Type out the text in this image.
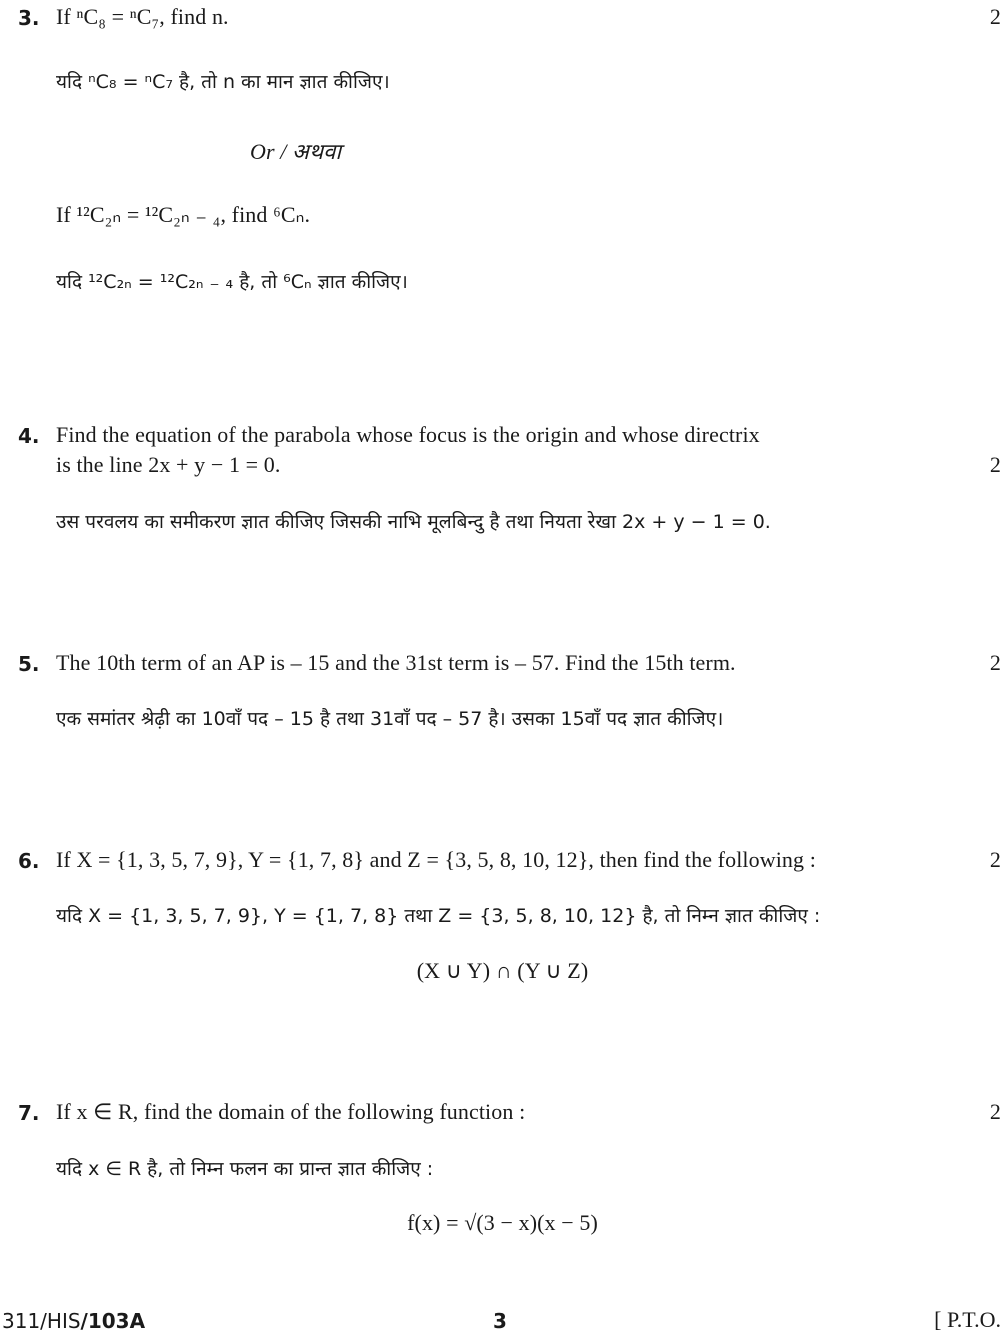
3. If ⁿC₈ = ⁿC₇, find n.	2
यदि ⁿC₈ = ⁿC₇ है, तो n का मान ज्ञात कीजिए।
Or / अथवा
If ¹²C₂ₙ = ¹²C₂ₙ ₋ ₄, find ⁶Cₙ.
यदि ¹²C₂ₙ = ¹²C₂ₙ ₋ ₄ है, तो ⁶Cₙ ज्ञात कीजिए।
4. Find the equation of the parabola whose focus is the origin and whose directrix
is the line 2x + y − 1 = 0.	2
उस परवलय का समीकरण ज्ञात कीजिए जिसकी नाभि मूलबिन्दु है तथा नियता रेखा 2x + y − 1 = 0.
5. The 10th term of an AP is – 15 and the 31st term is – 57. Find the 15th term.	2
एक समांतर श्रेढ़ी का 10वाँ पद – 15 है तथा 31वाँ पद – 57 है। उसका 15वाँ पद ज्ञात कीजिए।
6. If X = {1, 3, 5, 7, 9}, Y = {1, 7, 8} and Z = {3, 5, 8, 10, 12}, then find the following :	2
यदि X = {1, 3, 5, 7, 9}, Y = {1, 7, 8} तथा Z = {3, 5, 8, 10, 12} है, तो निम्न ज्ञात कीजिए :
(X ∪ Y) ∩ (Y ∪ Z)
7. If x ∈ R, find the domain of the following function :	2
यदि x ∈ R है, तो निम्न फलन का प्रान्त ज्ञात कीजिए :
f(x) = √(3 − x)(x − 5)
311/HIS/103A	3	[ P.T.O.
